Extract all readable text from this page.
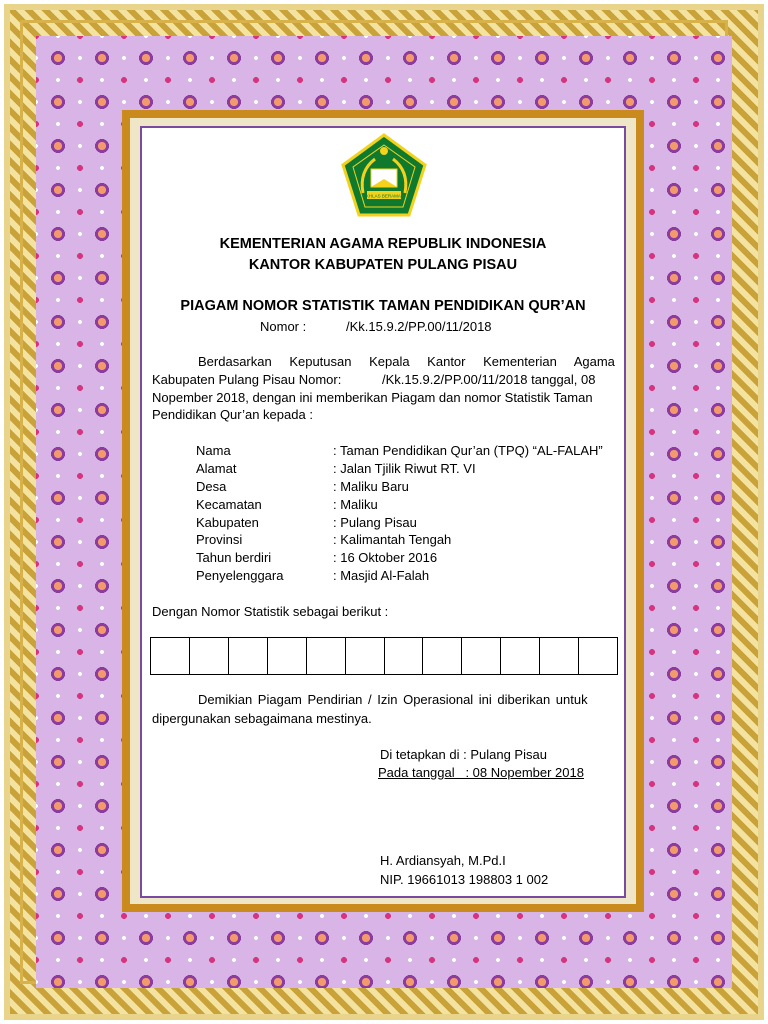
IKHLAS BERAMAL
KEMENTERIAN AGAMA REPUBLIK INDONESIA
KANTOR KABUPATEN PULANG PISAU
PIAGAM NOMOR STATISTIK TAMAN PENDIDIKAN QUR’AN
Nomor :	/Kk.15.9.2/PP.00/11/2018
Berdasarkan Keputusan Kepala Kantor Kementerian Agama
Kabupaten Pulang Pisau Nomor:	/Kk.15.9.2/PP.00/11/2018 tanggal, 08
Nopember 2018, dengan ini memberikan Piagam dan nomor Statistik Taman
Pendidikan Qur’an kepada :
Nama	: Taman Pendidikan Qur’an (TPQ) “AL-FALAH”
Alamat	: Jalan Tjilik Riwut RT. VI
Desa	: Maliku Baru
Kecamatan	: Maliku
Kabupaten	: Pulang Pisau
Provinsi	: Kalimantah Tengah
Tahun berdiri	: 16 Oktober 2016
Penyelenggara	: Masjid Al-Falah
Dengan Nomor Statistik sebagai berikut :
Demikian Piagam Pendirian / Izin Operasional ini diberikan untuk
dipergunakan sebagaimana mestinya.
Di tetapkan di : Pulang Pisau
Pada tanggal   : 08 Nopember 2018
H. Ardiansyah, M.Pd.I
NIP. 19661013 198803 1 002
